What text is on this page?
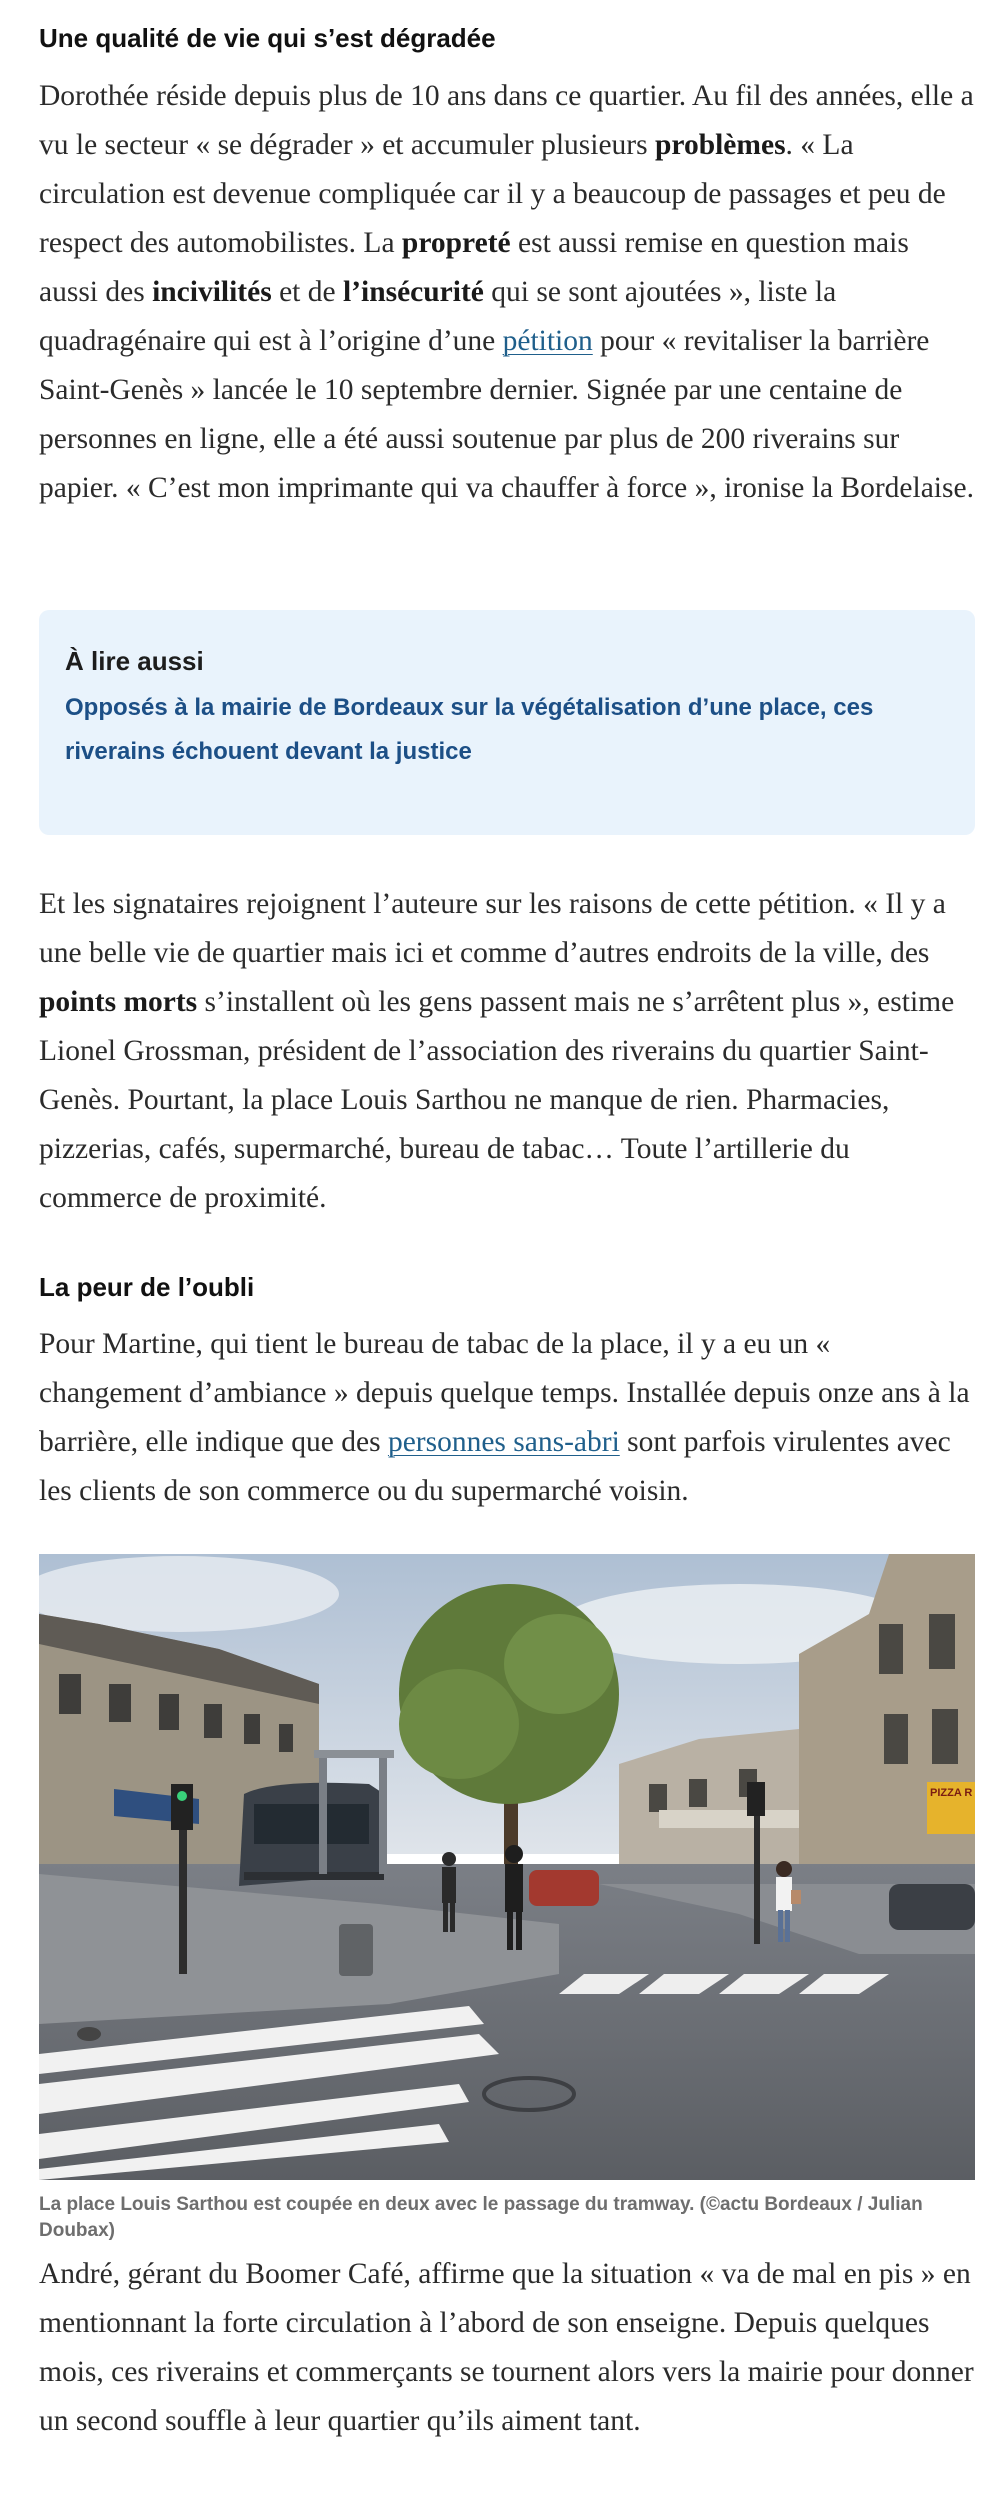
Une qualité de vie qui s’est dégradée

Dorothée réside depuis plus de 10 ans dans ce quartier. Au fil des années, elle a vu le secteur « se dégrader » et accumuler plusieurs problèmes. « La circulation est devenue compliquée car il y a beaucoup de passages et peu de respect des automobilistes. La propreté est aussi remise en question mais aussi des incivilités et de l’insécurité qui se sont ajoutées », liste la quadragénaire qui est à l’origine d’une pétition pour « revitaliser la barrière Saint-Genès » lancée le 10 septembre dernier. Signée par une centaine de personnes en ligne, elle a été aussi soutenue par plus de 200 riverains sur papier. « C’est mon imprimante qui va chauffer à force », ironise la Bordelaise.

Et les signataires rejoignent l’auteure sur les raisons de cette pétition. « Il y a une belle vie de quartier mais ici et comme d’autres endroits de la ville, des points morts s’installent où les gens passent mais ne s’arrêtent plus », estime Lionel Grossman, président de l’association des riverains du quartier Saint-Genès. Pourtant, la place Louis Sarthou ne manque de rien. Pharmacies, pizzerias, cafés, supermarché, bureau de tabac… Toute l’artillerie du commerce de proximité.

La peur de l’oubli

Pour Martine, qui tient le bureau de tabac de la place, il y a eu un « changement d’ambiance » depuis quelque temps. Installée depuis onze ans à la barrière, elle indique que des personnes sans-abri sont parfois virulentes avec les clients de son commerce ou du supermarché voisin.

André, gérant du Boomer Café, affirme que la situation « va de mal en pis » en mentionnant la forte circulation à l’abord de son enseigne. Depuis quelques mois, ces riverains et commerçants se tournent alors vers la mairie pour donner un second souffle à leur quartier qu’ils aiment tant.

À lire aussi
Opposés à la mairie de Bordeaux sur la végétalisation d’une place, ces riverains échouent devant la justice
PIZZA R

La place Louis Sarthou est coupée en deux avec le passage du tramway. (©actu Bordeaux / Julian Doubax)
